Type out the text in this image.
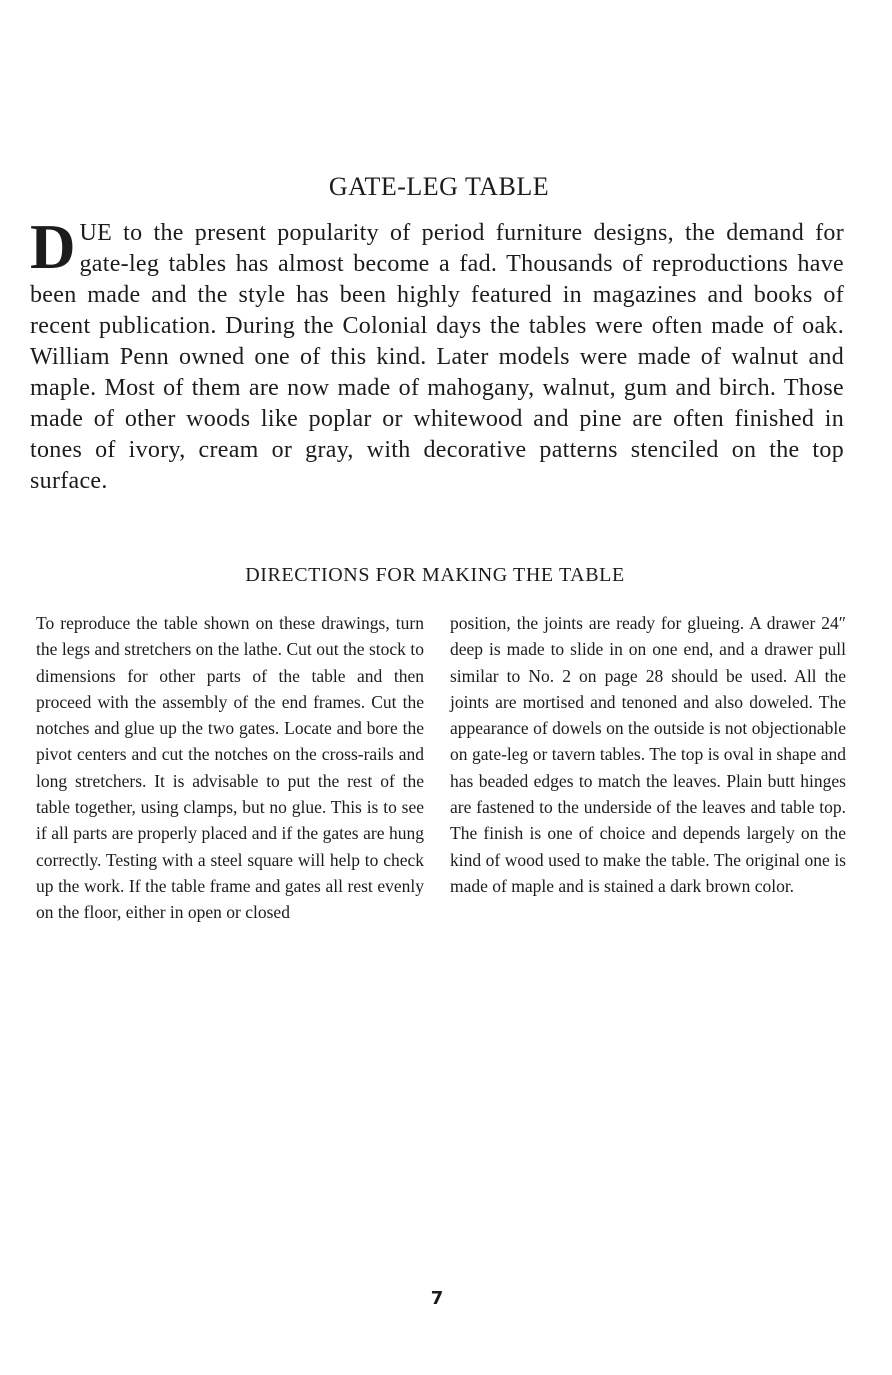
GATE-LEG TABLE

DUE to the present popularity of period furniture designs, the demand for gate-leg tables has almost become a fad. Thousands of reproductions have been made and the style has been highly featured in magazines and books of recent publication. During the Colonial days the tables were often made of oak. William Penn owned one of this kind. Later models were made of walnut and maple. Most of them are now made of mahogany, walnut, gum and birch. Those made of other woods like poplar or whitewood and pine are often finished in tones of ivory, cream or gray, with decorative patterns stenciled on the top surface.

DIRECTIONS FOR MAKING THE TABLE

To reproduce the table shown on these drawings, turn the legs and stretchers on the lathe. Cut out the stock to dimensions for other parts of the table and then proceed with the assembly of the end frames. Cut the notches and glue up the two gates. Locate and bore the pivot centers and cut the notches on the cross-rails and long stretchers. It is advisable to put the rest of the table together, using clamps, but no glue. This is to see if all parts are properly placed and if the gates are hung correctly. Testing with a steel square will help to check up the work. If the table frame and gates all rest evenly on the floor, either in open or closed

position, the joints are ready for glueing. A drawer 24″ deep is made to slide in on one end, and a drawer pull similar to No. 2 on page 28 should be used. All the joints are mortised and tenoned and also doweled. The appearance of dowels on the outside is not objectionable on gate-leg or tavern tables. The top is oval in shape and has beaded edges to match the leaves. Plain butt hinges are fastened to the underside of the leaves and table top. The finish is one of choice and depends largely on the kind of wood used to make the table. The original one is made of maple and is stained a dark brown color.

7
